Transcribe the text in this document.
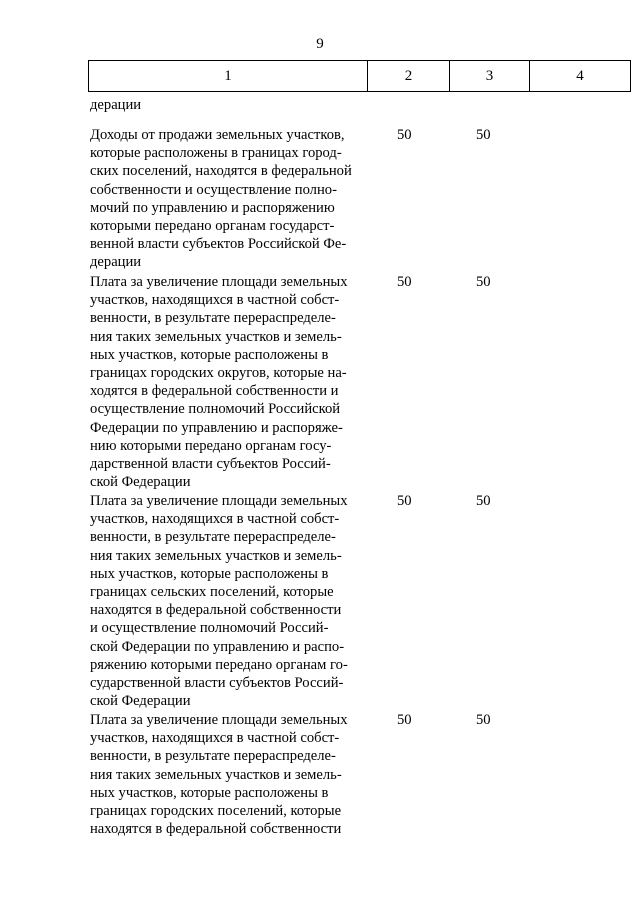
9
1	2	3	4
дерации
Доходы от продажи земельных участков,
которые расположены в границах город-
ских поселений, находятся в федеральной
собственности и осуществление полно-
мочий по управлению и распоряжению
которыми передано органам государст-
венной власти субъектов Российской Фе-
дерации
50	50
Плата за увеличение площади земельных
участков, находящихся в частной собст-
венности, в результате перераспределе-
ния таких земельных участков и земель-
ных участков, которые расположены в
границах городских округов, которые на-
ходятся в федеральной собственности и
осуществление полномочий Российской
Федерации по управлению и распоряже-
нию которыми передано органам госу-
дарственной власти субъектов Россий-
ской Федерации
50	50
Плата за увеличение площади земельных
участков, находящихся в частной собст-
венности, в результате перераспределе-
ния таких земельных участков и земель-
ных участков, которые расположены в
границах сельских поселений, которые
находятся в федеральной собственности
и осуществление полномочий Россий-
ской Федерации по управлению и распо-
ряжению которыми передано органам го-
сударственной власти субъектов Россий-
ской Федерации
50	50
Плата за увеличение площади земельных
участков, находящихся в частной собст-
венности, в результате перераспределе-
ния таких земельных участков и земель-
ных участков, которые расположены в
границах городских поселений, которые
находятся в федеральной собственности
50	50
